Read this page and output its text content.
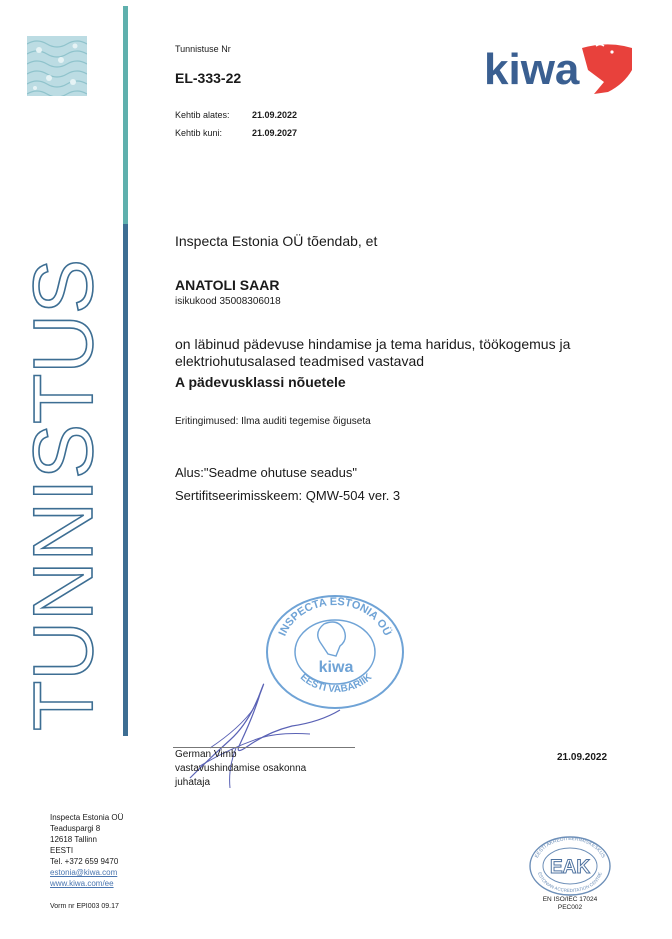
TUNNISTUS
Tunnistuse Nr
EL-333-22
Kehtib alates: 21.09.2022
Kehtib kuni:	21.09.2027
kiwa
Inspecta Estonia OÜ tõendab, et
ANATOLI SAAR
isikukood 35008306018
on läbinud pädevuse hindamise ja tema haridus, töökogemus ja
elektriohutusalased teadmised vastavad
A pädevusklassi nõuetele
Eritingimused: Ilma auditi tegemise õiguseta
Alus:"Seadme ohutuse seadus"
Sertifitseerimisskeem: QMW-504 ver. 3
INSPECTA ESTONIA OÜ
EESTI VABARIIK
kiwa
German Vimb
vastavushindamise osakonna
juhataja
21.09.2022
Inspecta Estonia OÜ
Teaduspargi 8
12618 Tallinn
EESTI
Tel. +372 659 9470
estonia@kiwa.com
www.kiwa.com/ee
Vorm nr EPI003 09.17
EESTI AKREDITEERIMISKESKUS
ESTONIAN ACCREDITATION CENTRE
EAK
EN ISO/IEC 17024
PEC002
